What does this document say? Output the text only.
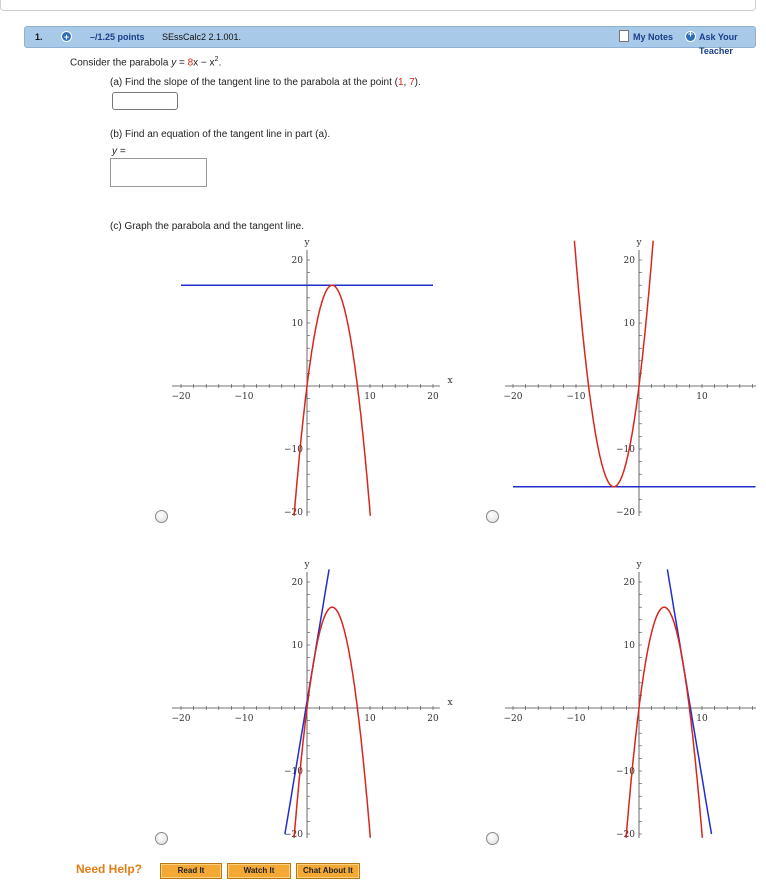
1. +	–/1.25 points SEssCalc2 2.1.001.	My Notes +	Ask Your Teacher
Consider the parabola $y = 8x - x^2$.
(a) Find the slope of the tangent line to the parabola at the point (1, 7).
(b) Find an equation of the tangent line in part (a).
y =
(c) Graph the parabola and the tangent line.
−20	−10	10	20
x
20
10
−10
−20
y
−20	−10	10
20
10
−10
−20
y
−20	−10	10	20
x
20
10
−10
−20
y
−20	−10	10
20
10
−10
−20
y
Need Help?	Read It	Watch It	Chat About It
